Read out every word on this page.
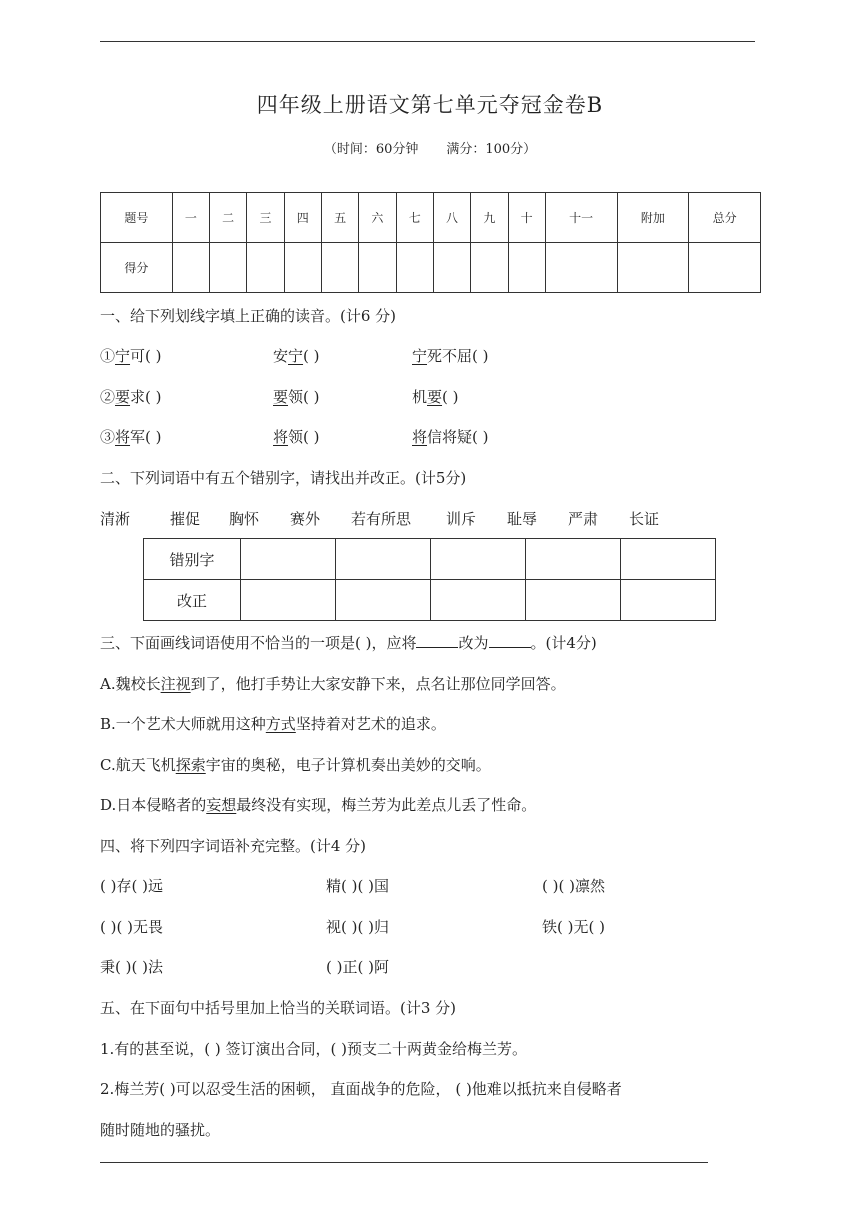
四年级上册语文第七单元夺冠金卷B
（时间：60分钟 满分：100分）
题号	一	二	三	四	五	六	七	八	九	十	十一	附加	总分
得分													
一、给下列划线字填上正确的读音。(计6 分)
①宁可( )	安宁( )	宁死不屈( )
②要求( )	要领( )	机要( )
③将军( )	将领( )	将信将疑( )
二、下列词语中有五个错别字，请找出并改正。(计5分)
清淅	摧促 胸怀 赛外 若有所思 训斥 耻辱 严肃 长证
错别字					
改正					
三、下面画线词语使用不恰当的一项是( )，应将	改为	。(计4分)
A.魏校长注视到了，他打手势让大家安静下来，点名让那位同学回答。
B.一个艺术大师就用这种方式坚持着对艺术的追求。
C.航天飞机探索宇宙的奥秘，电子计算机奏出美妙的交响。
D.日本侵略者的妄想最终没有实现，梅兰芳为此差点儿丢了性命。
四、将下列四字词语补充完整。(计4 分)
( )存( )远	精( )( )国	( )( )凛然
( )( )无畏	视( )( )归	铁( )无( )
秉( )( )法	( )正( )阿
五、在下面句中括号里加上恰当的关联词语。(计3 分)
1.有的甚至说，( ) 签订演出合同，( )预支二十两黄金给梅兰芳。
2.梅兰芳( )可以忍受生活的困顿， 直面战争的危险， ( )他难以抵抗来自侵略者
随时随地的骚扰。
